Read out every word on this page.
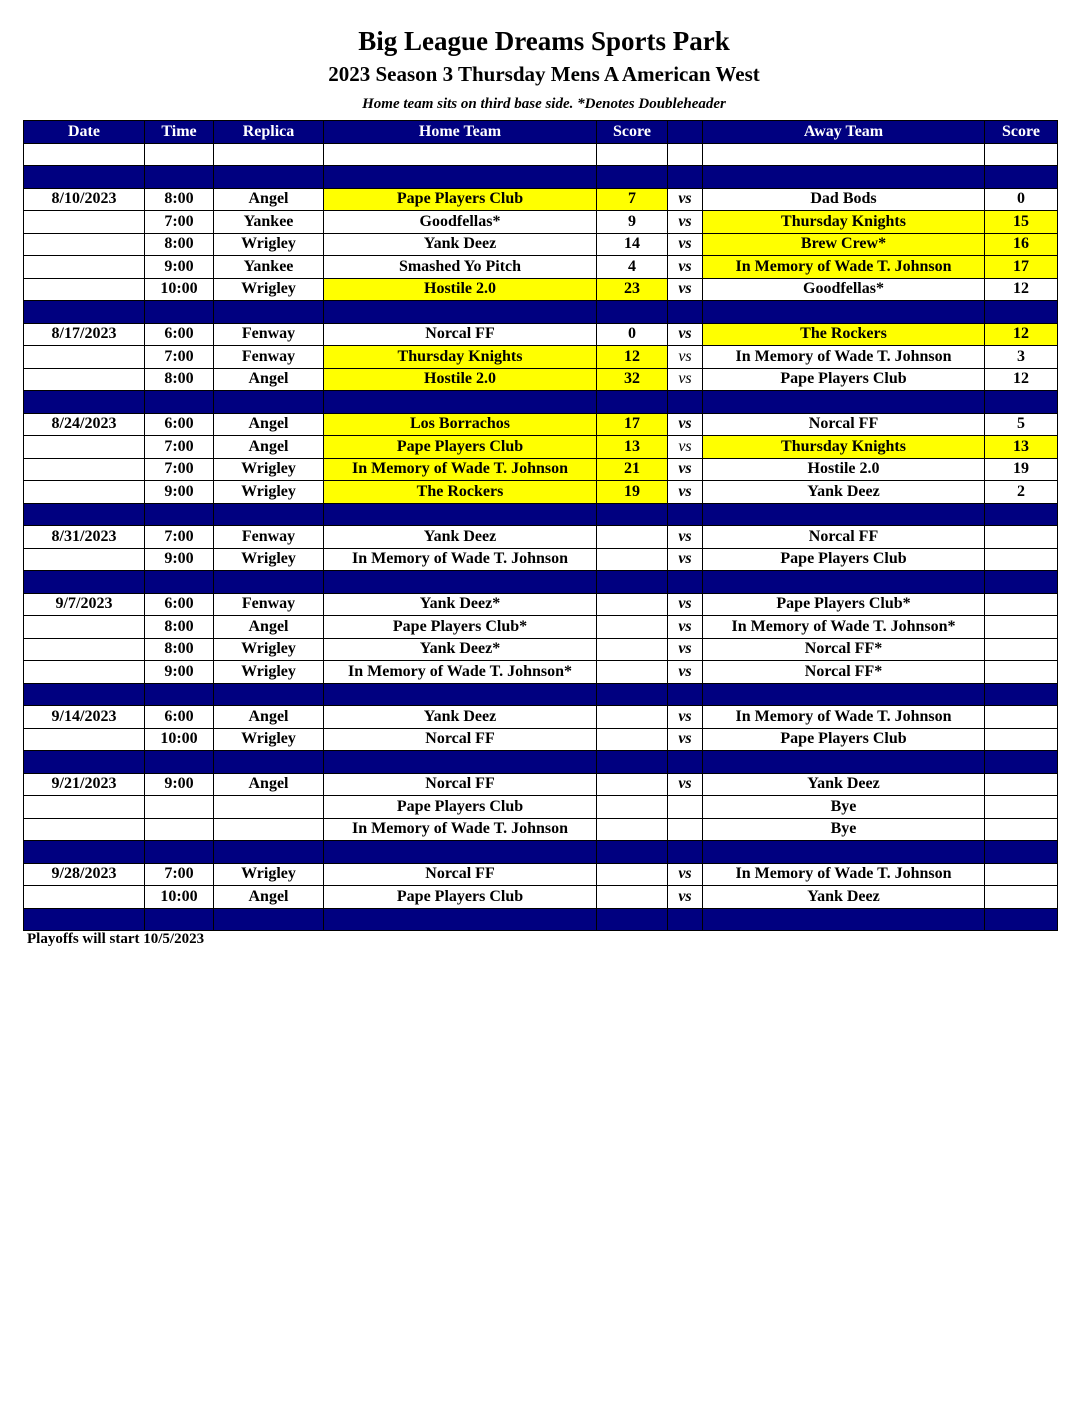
Big League Dreams Sports Park
2023 Season 3 Thursday Mens A American West
Home team sits on third base side. *Denotes Doubleheader
Date	Time	Replica	Home Team	Score		Away Team	Score

8/10/2023	8:00	Angel	Pape Players Club	7	vs	Dad Bods	0
	7:00	Yankee	Goodfellas*	9	vs	Thursday Knights	15
	8:00	Wrigley	Yank Deez	14	vs	Brew Crew*	16
	9:00	Yankee	Smashed Yo Pitch	4	vs	In Memory of Wade T. Johnson	17
	10:00	Wrigley	Hostile 2.0	23	vs	Goodfellas*	12

8/17/2023	6:00	Fenway	Norcal FF	0	vs	The Rockers	12
	7:00	Fenway	Thursday Knights	12	vs	In Memory of Wade T. Johnson	3
	8:00	Angel	Hostile 2.0	32	vs	Pape Players Club	12

8/24/2023	6:00	Angel	Los Borrachos	17	vs	Norcal FF	5
	7:00	Angel	Pape Players Club	13	vs	Thursday Knights	13
	7:00	Wrigley	In Memory of Wade T. Johnson	21	vs	Hostile 2.0	19
	9:00	Wrigley	The Rockers	19	vs	Yank Deez	2

8/31/2023	7:00	Fenway	Yank Deez		vs	Norcal FF	
	9:00	Wrigley	In Memory of Wade T. Johnson		vs	Pape Players Club	

9/7/2023	6:00	Fenway	Yank Deez*		vs	Pape Players Club*	
	8:00	Angel	Pape Players Club*		vs	In Memory of Wade T. Johnson*	
	8:00	Wrigley	Yank Deez*		vs	Norcal FF*	
	9:00	Wrigley	In Memory of Wade T. Johnson*		vs	Norcal FF*	

9/14/2023	6:00	Angel	Yank Deez		vs	In Memory of Wade T. Johnson	
	10:00	Wrigley	Norcal FF		vs	Pape Players Club	

9/21/2023	9:00	Angel	Norcal FF		vs	Yank Deez	
			Pape Players Club			Bye	
			In Memory of Wade T. Johnson			Bye	

9/28/2023	7:00	Wrigley	Norcal FF		vs	In Memory of Wade T. Johnson	
	10:00	Angel	Pape Players Club		vs	Yank Deez	

Playoffs will start 10/5/2023
